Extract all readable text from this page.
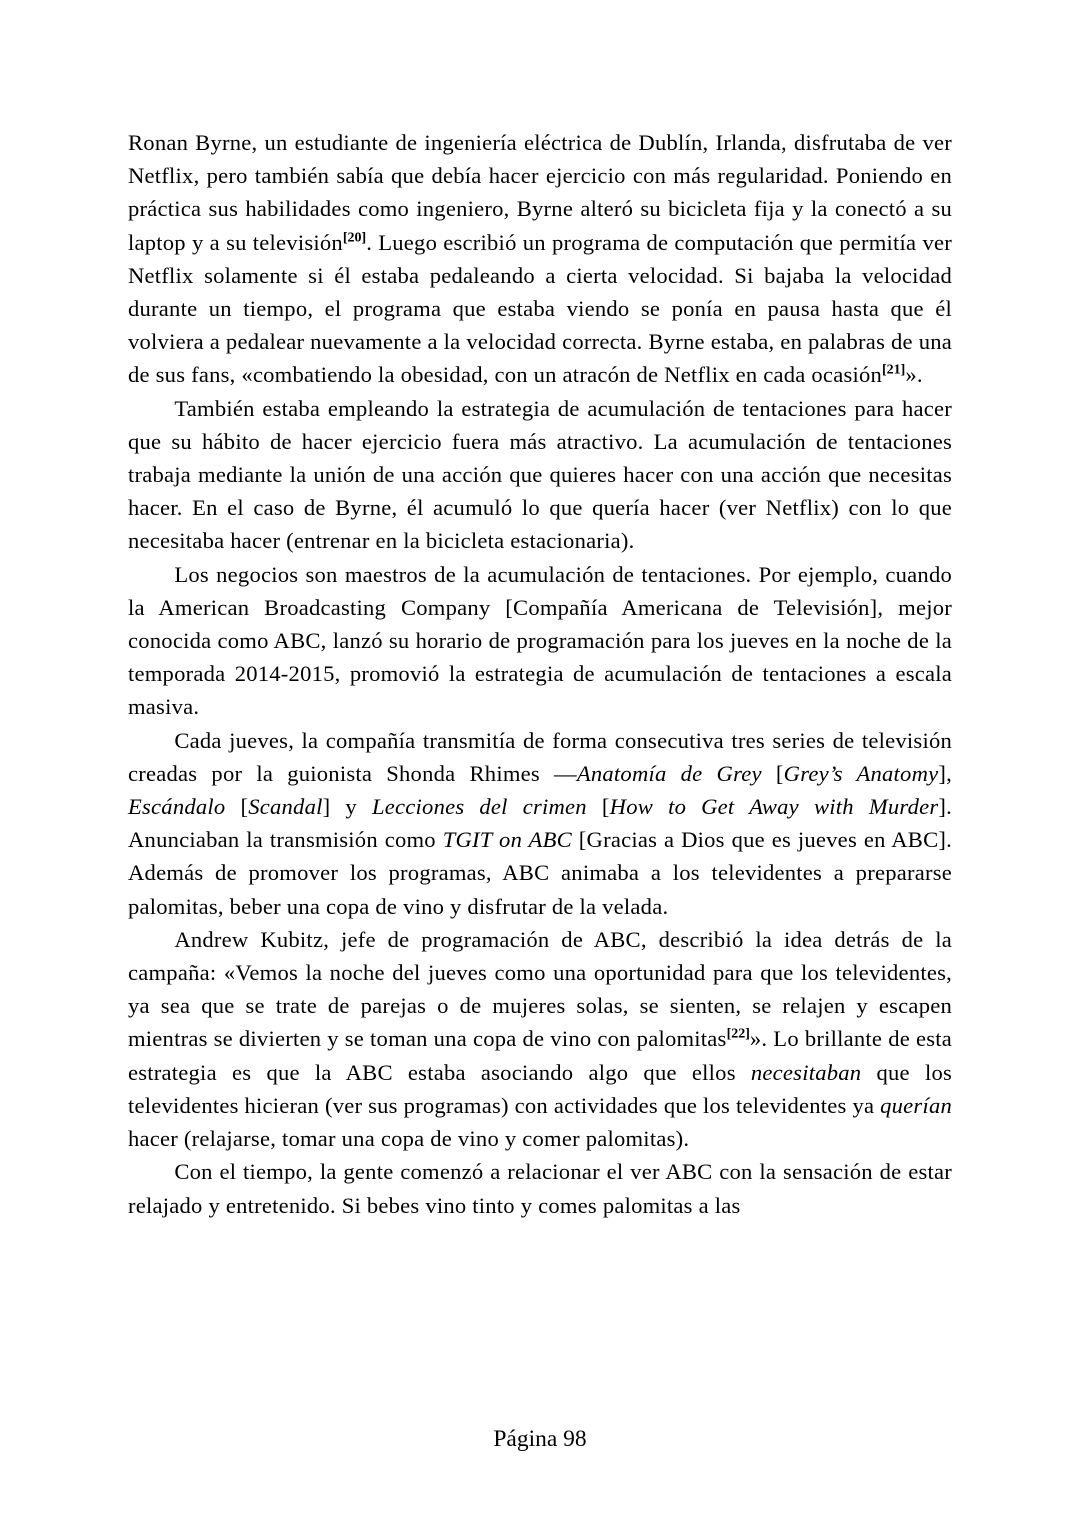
Ronan Byrne, un estudiante de ingeniería eléctrica de Dublín, Irlanda, disfrutaba de ver Netflix, pero también sabía que debía hacer ejercicio con más regularidad. Poniendo en práctica sus habilidades como ingeniero, Byrne alteró su bicicleta fija y la conectó a su laptop y a su televisión[20]. Luego escribió un programa de computación que permitía ver Netflix solamente si él estaba pedaleando a cierta velocidad. Si bajaba la velocidad durante un tiempo, el programa que estaba viendo se ponía en pausa hasta que él volviera a pedalear nuevamente a la velocidad correcta. Byrne estaba, en palabras de una de sus fans, «combatiendo la obesidad, con un atracón de Netflix en cada ocasión[21]».

También estaba empleando la estrategia de acumulación de tentaciones para hacer que su hábito de hacer ejercicio fuera más atractivo. La acumulación de tentaciones trabaja mediante la unión de una acción que quieres hacer con una acción que necesitas hacer. En el caso de Byrne, él acumuló lo que quería hacer (ver Netflix) con lo que necesitaba hacer (entrenar en la bicicleta estacionaria).

Los negocios son maestros de la acumulación de tentaciones. Por ejemplo, cuando la American Broadcasting Company [Compañía Americana de Televisión], mejor conocida como ABC, lanzó su horario de programación para los jueves en la noche de la temporada 2014-2015, promovió la estrategia de acumulación de tentaciones a escala masiva.

Cada jueves, la compañía transmitía de forma consecutiva tres series de televisión creadas por la guionista Shonda Rhimes —Anatomía de Grey [Grey’s Anatomy], Escándalo [Scandal] y Lecciones del crimen [How to Get Away with Murder]. Anunciaban la transmisión como TGIT on ABC [Gracias a Dios que es jueves en ABC]. Además de promover los programas, ABC animaba a los televidentes a prepararse palomitas, beber una copa de vino y disfrutar de la velada.

Andrew Kubitz, jefe de programación de ABC, describió la idea detrás de la campaña: «Vemos la noche del jueves como una oportunidad para que los televidentes, ya sea que se trate de parejas o de mujeres solas, se sienten, se relajen y escapen mientras se divierten y se toman una copa de vino con palomitas[22]». Lo brillante de esta estrategia es que la ABC estaba asociando algo que ellos necesitaban que los televidentes hicieran (ver sus programas) con actividades que los televidentes ya querían hacer (relajarse, tomar una copa de vino y comer palomitas).

Con el tiempo, la gente comenzó a relacionar el ver ABC con la sensación de estar relajado y entretenido. Si bebes vino tinto y comes palomitas a las

Página 98
